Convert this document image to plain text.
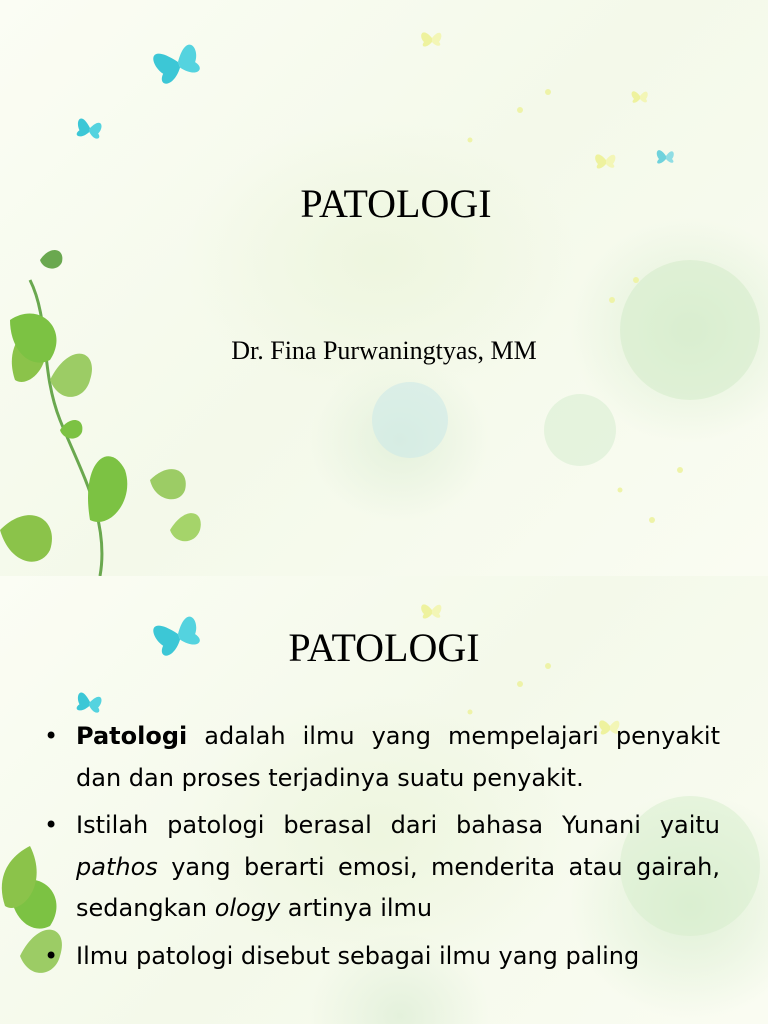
PATOLOGI
Dr. Fina Purwaningtyas, MM
PATOLOGI
• Patologi adalah ilmu yang mempelajari penyakit dan dan proses terjadinya suatu penyakit.
• Istilah patologi berasal dari bahasa Yunani yaitu pathos yang berarti emosi, menderita atau gairah, sedangkan ology artinya ilmu
• Ilmu patologi disebut sebagai ilmu yang paling
